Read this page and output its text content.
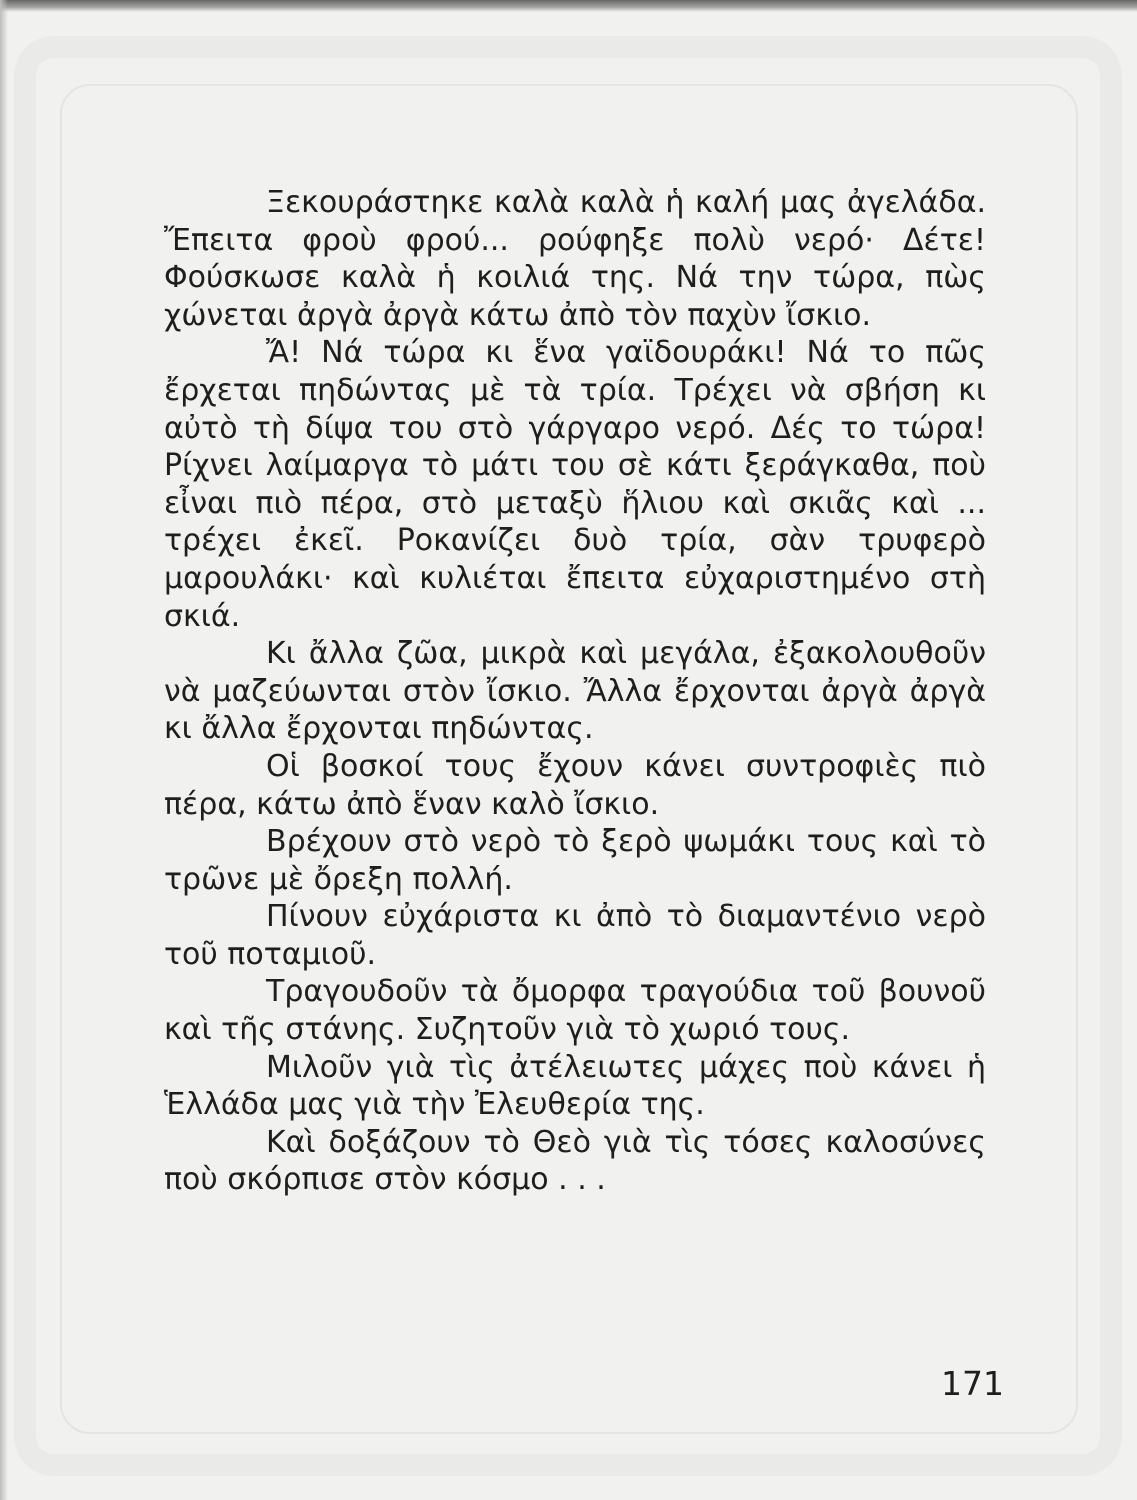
Ξεκουράστηκε καλὰ καλὰ ἡ καλή μας ἀγελάδα. Ἔπειτα φροὺ φρού... ρούφηξε πολὺ νερό· Δέτε! Φούσκωσε καλὰ ἡ κοιλιά της. Νά την τώρα, πὼς χώνεται ἀργὰ ἀργὰ κάτω ἀπὸ τὸν παχὺν ἴσκιο.

Ἄ! Νά τώρα κι ἕνα γαϊδουράκι! Νά το πῶς ἔρχεται πηδώντας μὲ τὰ τρία. Τρέχει νὰ σβήση κι αὐτὸ τὴ δίψα του στὸ γάργαρο νερό. Δές το τώρα! Ρίχνει λαίμαργα τὸ μάτι του σὲ κάτι ξεράγκαθα, ποὺ εἶναι πιὸ πέρα, στὸ μεταξὺ ἥλιου καὶ σκιᾶς καὶ ... τρέχει ἐκεῖ. Ροκανίζει δυὸ τρία, σὰν τρυφερὸ μαρουλάκι· καὶ κυλιέται ἔπειτα εὐχαριστημένο στὴ σκιά.

Κι ἄλλα ζῶα, μικρὰ καὶ μεγάλα, ἐξακολουθοῦν νὰ μαζεύωνται στὸν ἴσκιο. Ἄλλα ἔρχονται ἀργὰ ἀργὰ κι ἄλλα ἔρχονται πηδώντας.

Οἱ βοσκοί τους ἔχουν κάνει συντροφιὲς πιὸ πέρα, κάτω ἀπὸ ἕναν καλὸ ἴσκιο.

Βρέχουν στὸ νερὸ τὸ ξερὸ ψωμάκι τους καὶ τὸ τρῶνε μὲ ὄρεξη πολλή.

Πίνουν εὐχάριστα κι ἀπὸ τὸ διαμαντένιο νερὸ τοῦ ποταμιοῦ.

Τραγουδοῦν τὰ ὄμορφα τραγούδια τοῦ βουνοῦ καὶ τῆς στάνης. Συζητοῦν γιὰ τὸ χωριό τους.

Μιλοῦν γιὰ τὶς ἀτέλειωτες μάχες ποὺ κάνει ἡ Ἑλλάδα μας γιὰ τὴν Ἐλευθερία της.

Καὶ δοξάζουν τὸ Θεὸ γιὰ τὶς τόσες καλοσύνες ποὺ σκόρπισε στὸν κόσμο . . .

171
